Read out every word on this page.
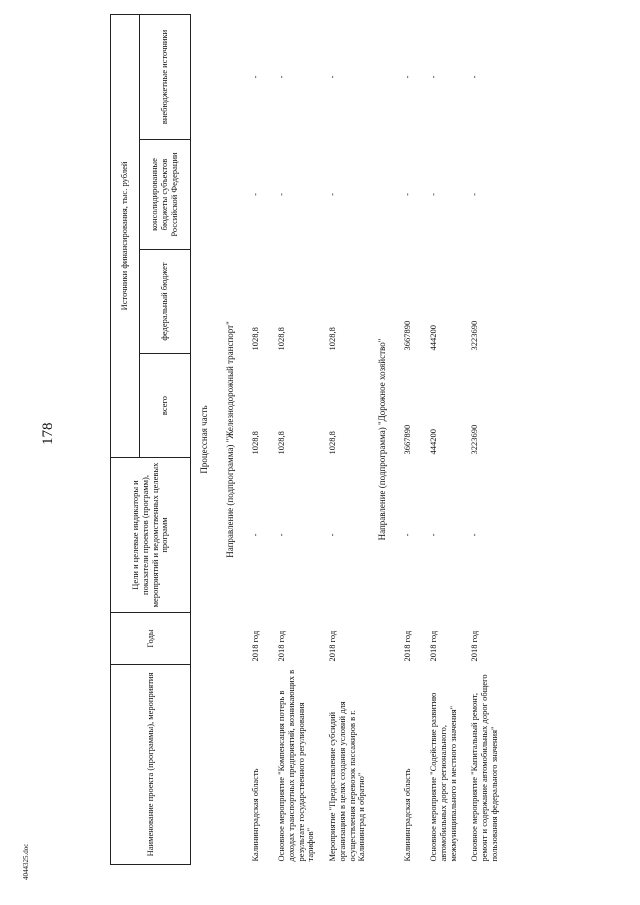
178
4044325.doc
Наименование проекта (программы), мероприятия	Годы	Цели и целевые индикаторы и показатели проектов (программ), мероприятий и ведомственных целевых программ	Источники финансирования, тыс. рублей			
			всего	федеральный бюджет	консолидированные бюджеты субъектов Российской Федерации	внебюджетные источники
Процессная часть						
Направление (подпрограмма) "Железнодорожный транспорт"						
Калининградская область	2018 год	-	1028,8	1028,8	-	-
Основное мероприятие "Компенсация потерь в доходах транспортных предприятий, возникающих в результате государственного регулирования тарифов"	2018 год	-	1028,8	1028,8	-	-
Мероприятие "Предоставление субсидий организациям в целях создания условий для осуществления перевозок пассажиров в г. Калининград и обратно"	2018 год	-	1028,8	1028,8	-	-
Направление (подпрограмма) "Дорожное хозяйство"						
Калининградская область	2018 год	-	3667890	3667890	-	-
Основное мероприятие "Содействие развитию автомобильных дорог регионального, межмуниципального и местного значения"	2018 год	-	444200	444200	-	-
Основное мероприятие "Капитальный ремонт, ремонт и содержание автомобильных дорог общего пользования федерального значения"	2018 год	-	3223690	3223690	-	-
